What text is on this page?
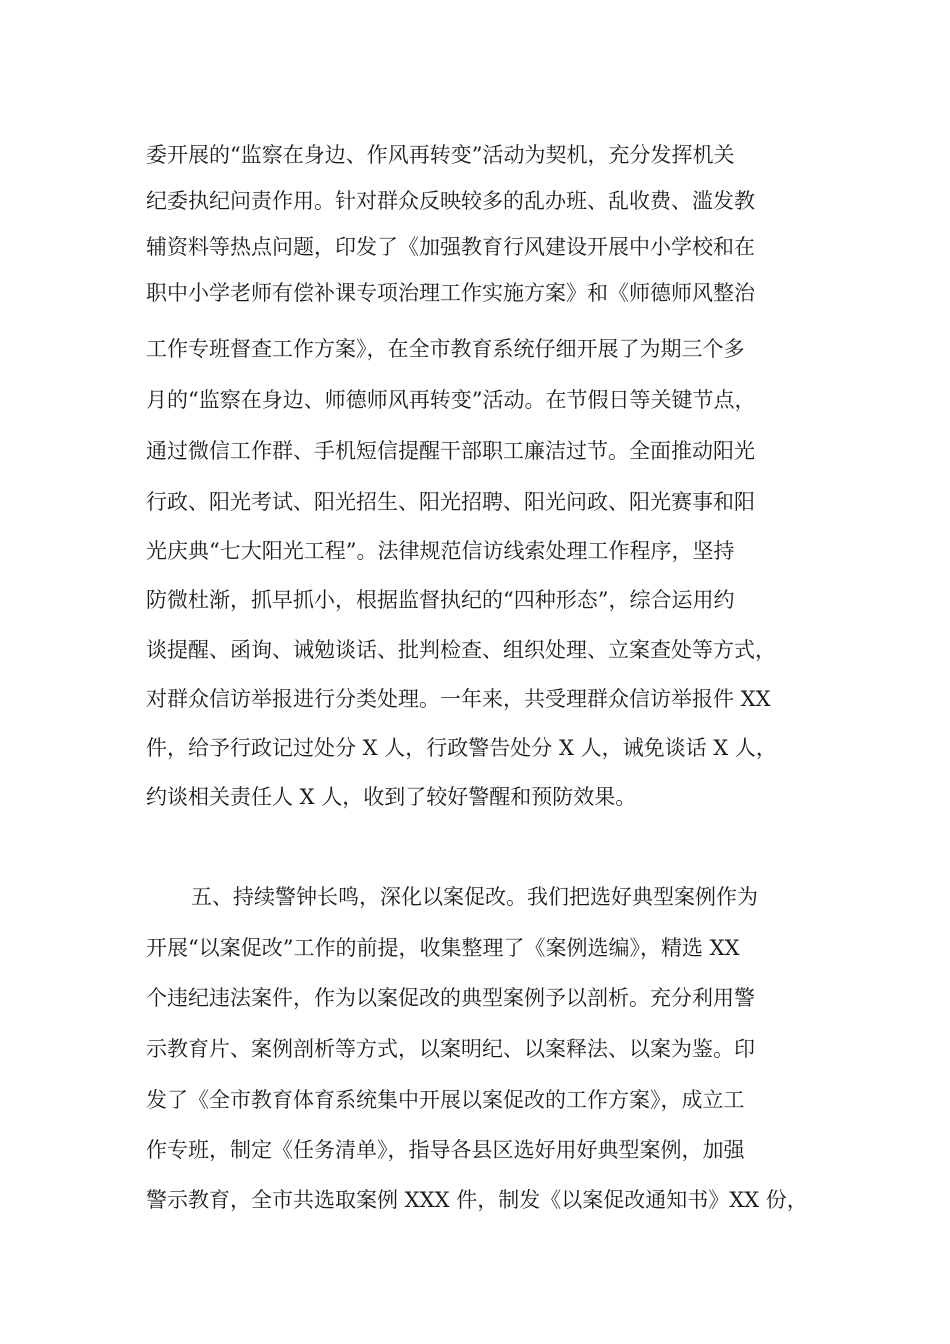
委开展的“监察在身边、作风再转变”活动为契机，充分发挥机关
纪委执纪问责作用。针对群众反映较多的乱办班、乱收费、滥发教
辅资料等热点问题，印发了《加强教育行风建设开展中小学校和在
职中小学老师有偿补课专项治理工作实施方案》和《师德师风整治
工作专班督查工作方案》，在全市教育系统仔细开展了为期三个多
月的“监察在身边、师德师风再转变”活动。在节假日等关键节点，
通过微信工作群、手机短信提醒干部职工廉洁过节。全面推动阳光
行政、阳光考试、阳光招生、阳光招聘、阳光问政、阳光赛事和阳
光庆典“七大阳光工程”。法律规范信访线索处理工作程序，坚持
防微杜渐，抓早抓小，根据监督执纪的“四种形态”，综合运用约
谈提醒、函询、诫勉谈话、批判检查、组织处理、立案查处等方式，
对群众信访举报进行分类处理。一年来，共受理群众信访举报件 XX
件，给予行政记过处分 X 人，行政警告处分 X 人，诫免谈话 X 人，
约谈相关责任人 X 人，收到了较好警醒和预防效果。
五、持续警钟长鸣，深化以案促改。我们把选好典型案例作为
开展“以案促改”工作的前提，收集整理了《案例选编》，精选 XX
个违纪违法案件，作为以案促改的典型案例予以剖析。充分利用警
示教育片、案例剖析等方式，以案明纪、以案释法、以案为鉴。印
发了《全市教育体育系统集中开展以案促改的工作方案》，成立工
作专班，制定《任务清单》，指导各县区选好用好典型案例，加强
警示教育，全市共选取案例 XXX 件，制发《以案促改通知书》XX 份，
